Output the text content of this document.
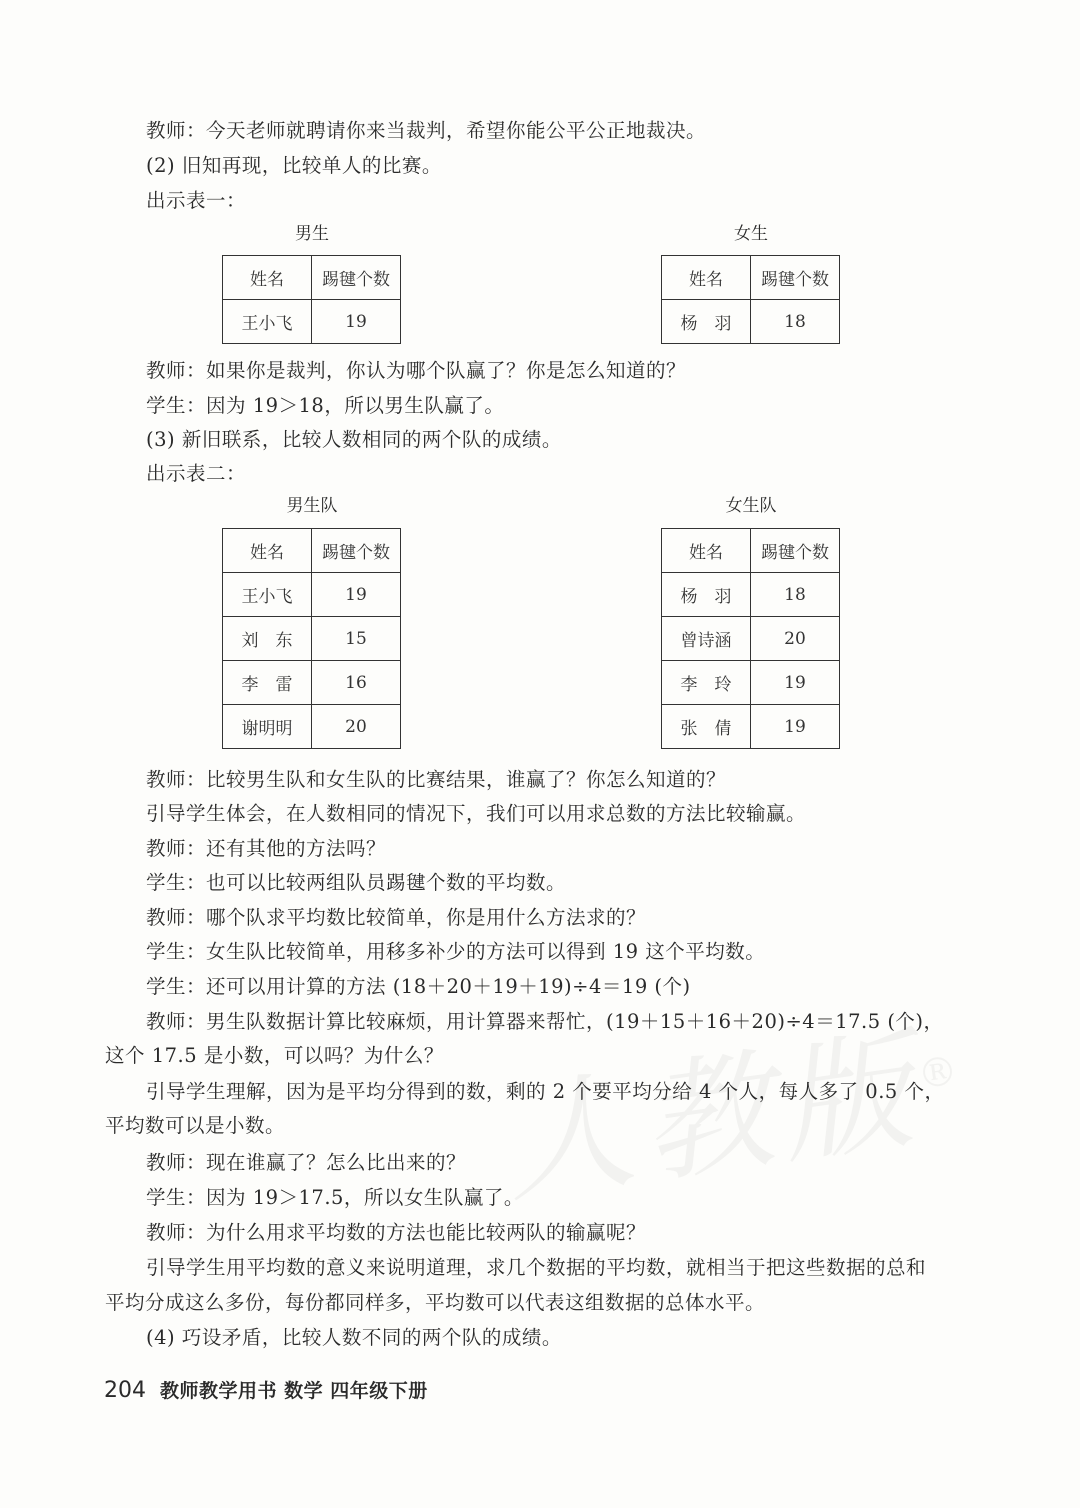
教师：今天老师就聘请你来当裁判，希望你能公平公正地裁决。
(2) 旧知再现，比较单人的比赛。
出示表一：
男生
姓名	踢毽个数
王小飞	19
女生
姓名	踢毽个数
杨　羽	18
教师：如果你是裁判，你认为哪个队赢了？你是怎么知道的？
学生：因为 19＞18，所以男生队赢了。
(3) 新旧联系，比较人数相同的两个队的成绩。
出示表二：
男生队
姓名	踢毽个数
王小飞	19
刘　东	15
李　雷	16
谢明明	20
女生队
姓名	踢毽个数
杨　羽	18
曾诗涵	20
李　玲	19
张　倩	19
教师：比较男生队和女生队的比赛结果，谁赢了？你怎么知道的？
引导学生体会，在人数相同的情况下，我们可以用求总数的方法比较输赢。
教师：还有其他的方法吗？
学生：也可以比较两组队员踢毽个数的平均数。
教师：哪个队求平均数比较简单，你是用什么方法求的？
学生：女生队比较简单，用移多补少的方法可以得到 19 这个平均数。
学生：还可以用计算的方法 (18＋20＋19＋19)÷4＝19 (个)
教师：男生队数据计算比较麻烦，用计算器来帮忙，(19＋15＋16＋20)÷4＝17.5 (个)，
这个 17.5 是小数，可以吗？为什么？
引导学生理解，因为是平均分得到的数，剩的 2 个要平均分给 4 个人，每人多了 0.5 个，
平均数可以是小数。
教师：现在谁赢了？怎么比出来的？
学生：因为 19＞17.5，所以女生队赢了。
教师：为什么用求平均数的方法也能比较两队的输赢呢？
引导学生用平均数的意义来说明道理，求几个数据的平均数，就相当于把这些数据的总和
平均分成这么多份，每份都同样多，平均数可以代表这组数据的总体水平。
(4) 巧设矛盾，比较人数不同的两个队的成绩。
204 教师教学用书 数学 四年级下册
